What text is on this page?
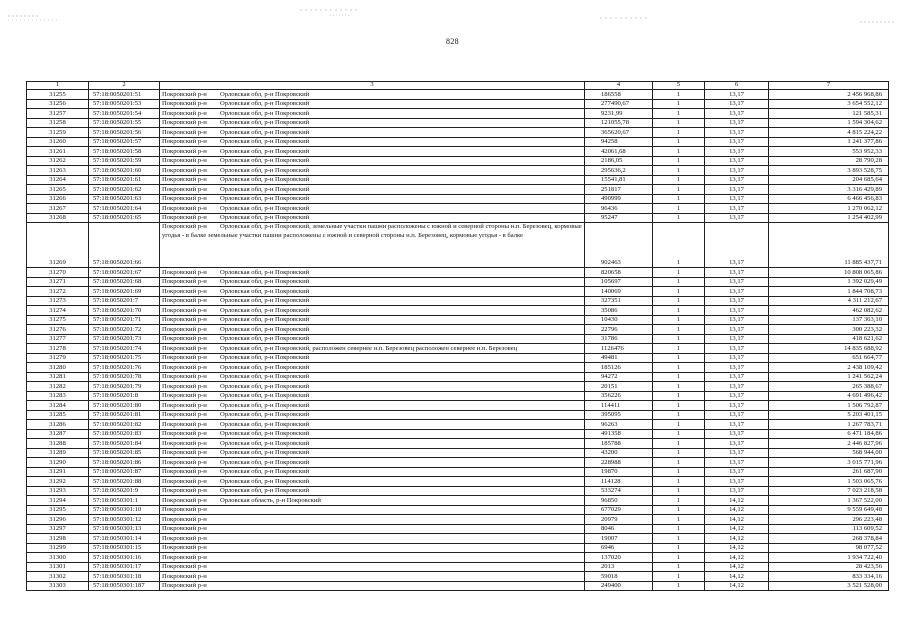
828
1	2	3	4	5	6	7
31255	57:18:0050201:51	Покровский р-н Орловская обл, р-н Покровский	186558	1	13,17	2 456 968,86
31256	57:18:0050201:53	Покровский р-н Орловская обл, р-н Покровский	277490,67	1	13,17	3 654 552,12
31257	57:18:0050201:54	Покровский р-н Орловская обл, р-н Покровский	9231,99	1	13,17	121 585,31
31258	57:18:0050201:55	Покровский р-н Орловская обл, р-н Покровский	121055,78	1	13,17	1 594 304,62
31259	57:18:0050201:56	Покровский р-н Орловская обл, р-н Покровский	365620,67	1	13,17	4 815 224,22
31260	57:18:0050201:57	Покровский р-н Орловская обл, р-н Покровский	94258	1	13,17	1 241 377,86
31261	57:18:0050201:58	Покровский р-н Орловская обл, р-н Покровский	42061,68	1	13,17	553 952,33
31262	57:18:0050201:59	Покровский р-н Орловская обл, р-н Покровский	2186,05	1	13,17	28 790,28
31263	57:18:0050201:60	Покровский р-н Орловская обл, р-н Покровский	295636,2	1	13,17	3 893 528,75
31264	57:18:0050201:61	Покровский р-н Орловская обл, р-н Покровский	15541,81	1	13,17	204 685,64
31265	57:18:0050201:62	Покровский р-н Орловская обл, р-н Покровский	251817	1	13,17	3 316 429,89
31266	57:18:0050201:63	Покровский р-н Орловская обл, р-н Покровский	490999	1	13,17	6 466 456,83
31267	57:18:0050201:64	Покровский р-н Орловская обл, р-н Покровский	96436	1	13,17	1 270 062,12
31268	57:18:0050201:65	Покровский р-н Орловская обл, р-н Покровский	95247	1	13,17	1 254 402,99
31269	57:18:0050201:66	Покровский р-н Орловская обл, р-н Покровский, земельные участки пашни расположены с южной и северной стороны н.п. Березовец, кормовые угодья - в балке земельные участки пашни расположены с южной и северной стороны н.п. Березовец, кормовые угодья - в балке	902463	1	13,17	11 885 437,71
31270	57:18:0050201:67	Покровский р-н Орловская обл, р-н Покровский	820658	1	13,17	10 808 065,86
31271	57:18:0050201:68	Покровский р-н Орловская обл, р-н Покровский	105697	1	13,17	1 392 029,49
31272	57:18:0050201:69	Покровский р-н Орловская обл, р-н Покровский	140069	1	13,17	1 844 708,73
31273	57:18:0050201:7	Покровский р-н Орловская обл, р-н Покровский	327351	1	13,17	4 311 212,67
31274	57:18:0050201:70	Покровский р-н Орловская обл, р-н Покровский	35086	1	13,17	462 082,62
31275	57:18:0050201:71	Покровский р-н Орловская обл, р-н Покровский	10430	1	13,17	137 363,10
31276	57:18:0050201:72	Покровский р-н Орловская обл, р-н Покровский	22796	1	13,17	300 223,32
31277	57:18:0050201:73	Покровский р-н Орловская обл, р-н Покровский	31786	1	13,17	418 621,62
31278	57:18:0050201:74	Покровский р-н Орловская обл, р-н Покровский, расположен севернее н.п. Березовец расположен севернее н.п. Березовец	1126476	1	13,17	14 835 688,92
31279	57:18:0050201:75	Покровский р-н Орловская обл, р-н Покровский	49481	1	13,17	651 664,77
31280	57:18:0050201:76	Покровский р-н Орловская обл, р-н Покровский	185126	1	13,17	2 438 109,42
31281	57:18:0050201:78	Покровский р-н Орловская обл, р-н Покровский	94272	1	13,17	1 241 562,24
31282	57:18:0050201:79	Покровский р-н Орловская обл, р-н Покровский	20151	1	13,17	265 388,67
31283	57:18:0050201:8	Покровский р-н Орловская обл, р-н Покровский	356226	1	13,17	4 691 496,42
31284	57:18:0050201:80	Покровский р-н Орловская обл, р-н Покровский	114411	1	13,17	1 506 792,87
31285	57:18:0050201:81	Покровский р-н Орловская обл, р-н Покровский	395095	1	13,17	5 203 401,15
31286	57:18:0050201:82	Покровский р-н Орловская обл, р-н Покровский	96263	1	13,17	1 267 783,71
31287	57:18:0050201:83	Покровский р-н Орловская обл, р-н Покровский	491358	1	13,17	6 471 184,86
31288	57:18:0050201:84	Покровский р-н Орловская обл, р-н Покровский	185788	1	13,17	2 446 827,96
31289	57:18:0050201:85	Покровский р-н Орловская обл, р-н Покровский	43200	1	13,17	568 944,00
31290	57:18:0050201:86	Покровский р-н Орловская обл, р-н Покровский	228988	1	13,17	3 015 771,96
31291	57:18:0050201:87	Покровский р-н Орловская обл, р-н Покровский	19870	1	13,17	261 687,90
31292	57:18:0050201:88	Покровский р-н Орловская обл, р-н Покровский	114128	1	13,17	1 503 065,76
31293	57:18:0050201:9	Покровский р-н Орловская обл, р-н Покровский	533274	1	13,17	7 023 218,58
31294	57:18:0050301:1	Покровский р-н Орловская область, р-н Покровский	96850	1	14,12	1 367 522,00
31295	57:18:0050301:10	Покровский р-н	677029	1	14,12	9 559 649,48
31296	57:18:0050301:12	Покровский р-н	20979	1	14,12	296 223,48
31297	57:18:0050301:13	Покровский р-н	8046	1	14,12	113 609,52
31298	57:18:0050301:14	Покровский р-н	19007	1	14,12	268 378,84
31299	57:18:0050301:15	Покровский р-н	6946	1	14,12	98 077,52
31300	57:18:0050301:16	Покровский р-н	137020	1	14,12	1 934 722,40
31301	57:18:0050301:17	Покровский р-н	2013	1	14,12	28 423,56
31302	57:18:0050301:18	Покровский р-н	59018	1	14,12	833 334,16
31303	57:18:0050301:187	Покровский р-н	249400	1	14,12	3 521 528,00
